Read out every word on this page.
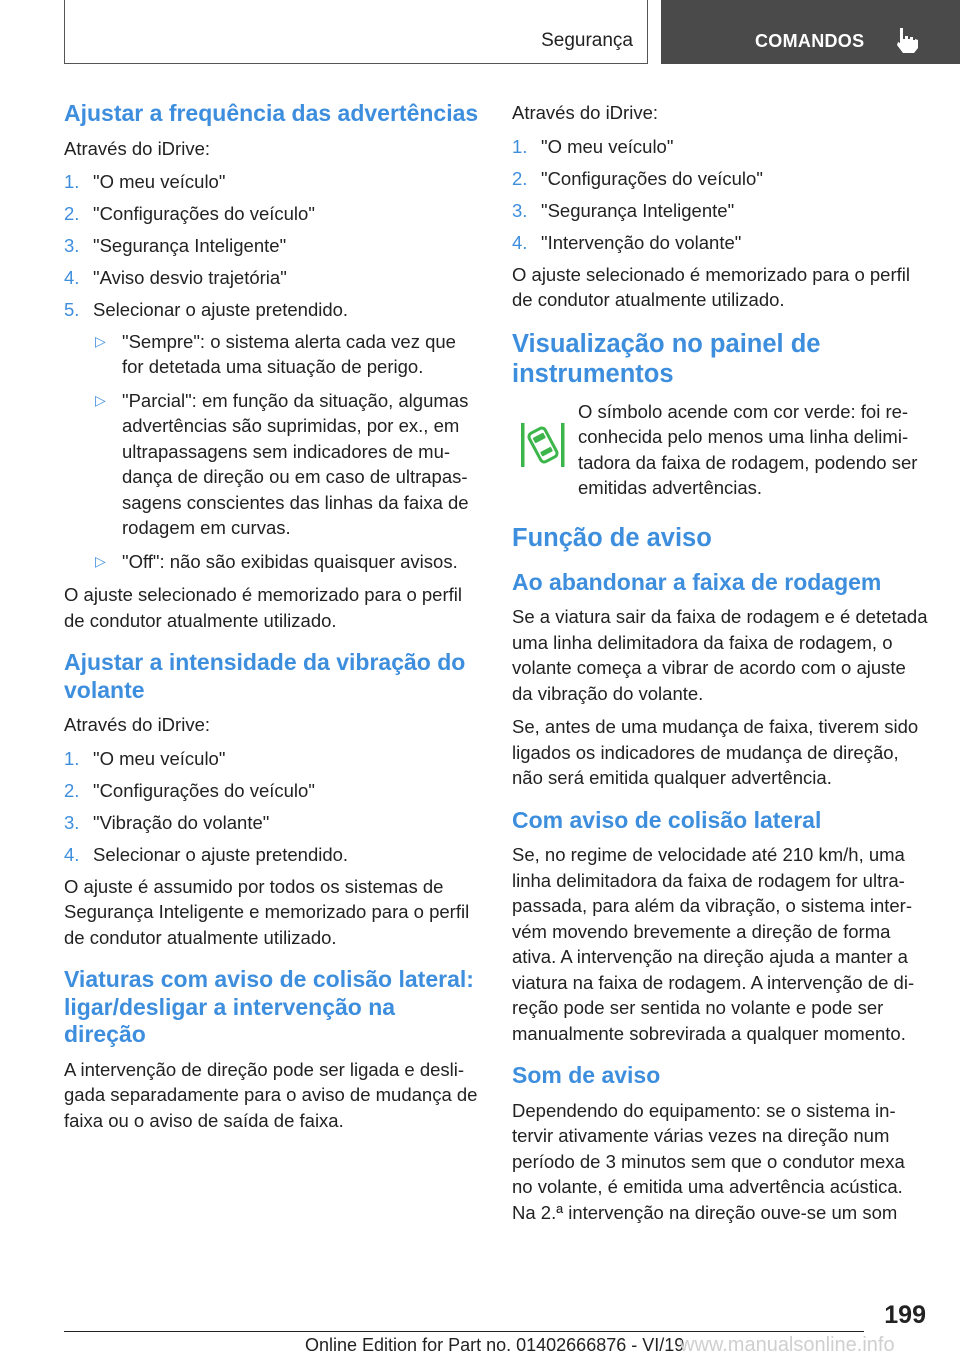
Segurança	COMANDOS
Ajustar a frequência das advertências

Através do iDrive:

1. "O meu veículo"
2. "Configurações do veículo"
3. "Segurança Inteligente"
4. "Aviso desvio trajetória"
5. Selecionar o ajuste pretendido.
▷ "Sempre": o sistema alerta cada vez que for detetada uma situação de perigo.
▷ "Parcial": em função da situação, algumas advertências são suprimidas, por ex., em ultrapassagens sem indicadores de mudança de direção ou em caso de ultrapassagens conscientes das linhas da faixa de rodagem em curvas.
▷ "Off": não são exibidas quaisquer avisos.

O ajuste selecionado é memorizado para o perfil de condutor atualmente utilizado.

Ajustar a intensidade da vibração do volante

Através do iDrive:

1. "O meu veículo"
2. "Configurações do veículo"
3. "Vibração do volante"
4. Selecionar o ajuste pretendido.

O ajuste é assumido por todos os sistemas de Segurança Inteligente e memorizado para o perfil de condutor atualmente utilizado.

Viaturas com aviso de colisão lateral: ligar/desligar a intervenção na direção

A intervenção de direção pode ser ligada e desligada separadamente para o aviso de mudança de faixa ou o aviso de saída de faixa.

Através do iDrive:

1. "O meu veículo"
2. "Configurações do veículo"
3. "Segurança Inteligente"
4. "Intervenção do volante"

O ajuste selecionado é memorizado para o perfil de condutor atualmente utilizado.

Visualização no painel de instrumentos
O símbolo acende com cor verde: foi reconhecida pelo menos uma linha delimitadora da faixa de rodagem, podendo ser emitidas advertências.
Função de aviso
Ao abandonar a faixa de rodagem

Se a viatura sair da faixa de rodagem e é detetada uma linha delimitadora da faixa de rodagem, o volante começa a vibrar de acordo com o ajuste da vibração do volante.

Se, antes de uma mudança de faixa, tiverem sido ligados os indicadores de mudança de direção, não será emitida qualquer advertência.

Com aviso de colisão lateral

Se, no regime de velocidade até 210 km/h, uma linha delimitadora da faixa de rodagem for ultrapassada, para além da vibração, o sistema intervém movendo brevemente a direção de forma ativa. A intervenção na direção ajuda a manter a viatura na faixa de rodagem. A intervenção de direção pode ser sentida no volante e pode ser manualmente sobrevirada a qualquer momento.

Som de aviso

Dependendo do equipamento: se o sistema intervir ativamente várias vezes na direção num período de 3 minutos sem que o condutor mexa no volante, é emitida uma advertência acústica. Na 2.ª intervenção na direção ouve-se um som

199
Online Edition for Part no. 01402666876 - VI/19
www.manualsonline.info
